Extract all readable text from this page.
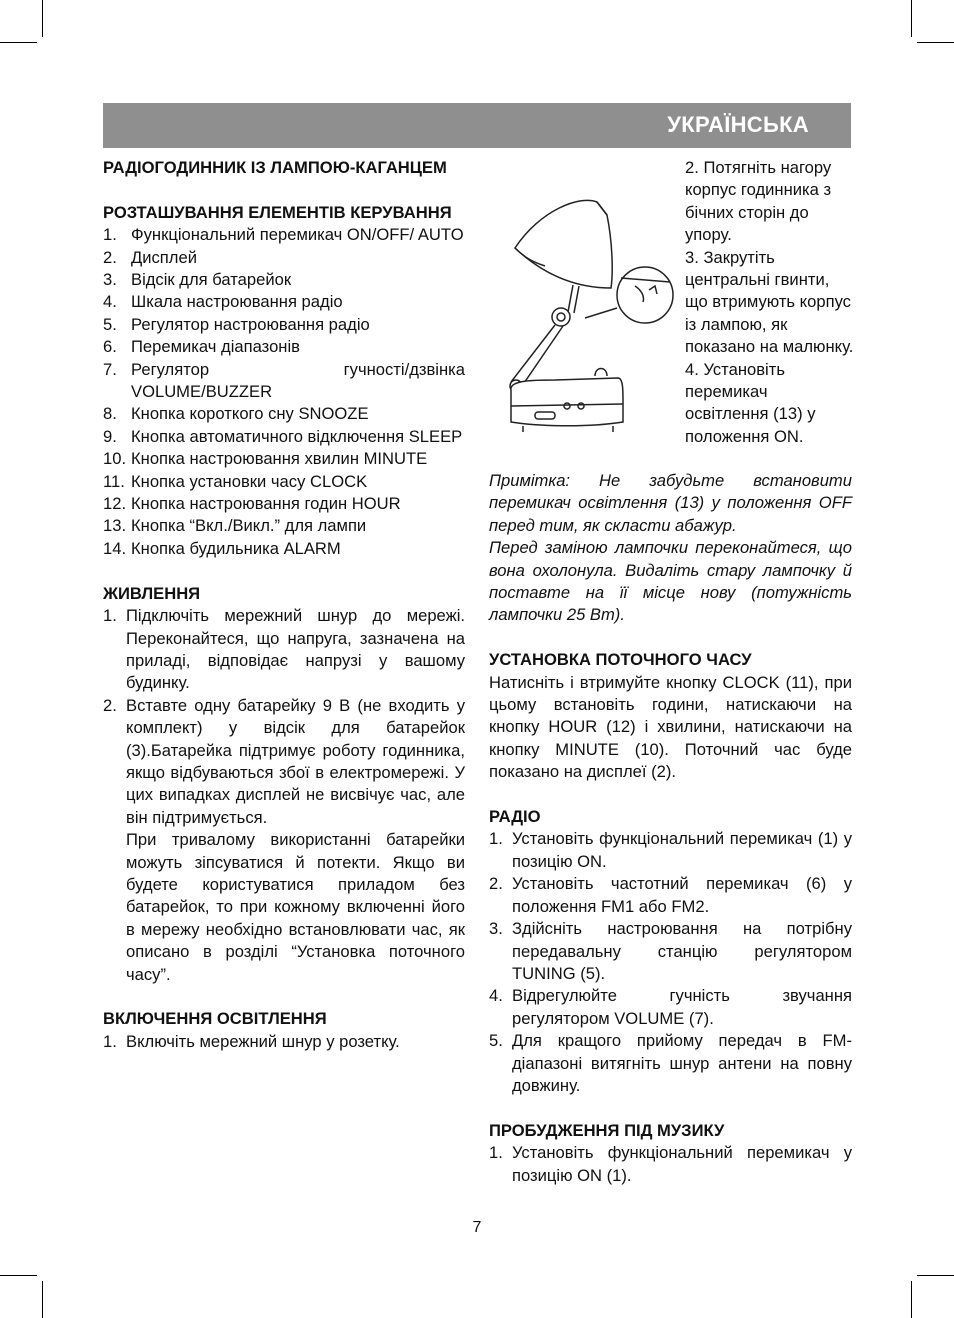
УКРАЇНСЬКА

РАДІОГОДИННИК ІЗ ЛАМПОЮ-КАГАНЦЕМ

РОЗТАШУВАННЯ ЕЛЕМЕНТІВ КЕРУВАННЯ

1. Функціональний перемикач ON/OFF/ AUTO
2. Дисплей
3. Відсік для батарейок
4. Шкала настроювання радіо
5. Регулятор настроювання радіо
6. Перемикач діапазонів
7. Регулятор гучності/дзвінка VOLUME/BUZZER
8. Кнопка короткого сну SNOOZE
9. Кнопка автоматичного відключення SLEEP
10. Кнопка настроювання хвилин MINUTE
11. Кнопка установки часу CLOCK
12. Кнопка настроювання годин HOUR
13. Кнопка “Вкл./Викл.” для лампи
14. Кнопка будильника ALARM

ЖИВЛЕННЯ

1. Підключіть мережний шнур до мережі. Переконайтеся, що напруга, зазначена на приладі, відповідає напрузі у вашому будинку.
2. Вставте одну батарейку 9 В (не входить у комплект) у відсік для батарейок (3).Батарейка підтримує роботу годинника, якщо відбуваються збої в електромережі. У цих випадках дисплей не висвічує час, але він підтримується.

При тривалому використанні батарейки можуть зіпсуватися й потекти. Якщо ви будете користуватися приладом без батарейок, то при кожному включенні його в мережу необхідно встановлювати час, як описано в розділі “Установка поточного часу”.

ВКЛЮЧЕННЯ ОСВІТЛЕННЯ

1. Включіть мережний шнур у розетку.

2. Потягніть нагору корпус годинника з бічних сторін до упору.

3. Закрутіть центральні гвинти, що втримують корпус із лампою, як показано на малюнку.

4. Установіть перемикач освітлення (13) у положення ON.

Примітка: Не забудьте встановити перемикач освітлення (13) у положення OFF перед тим, як скласти абажур.

Перед заміною лампочки переконайтеся, що вона охолонула. Видаліть стару лампочку й поставте на її місце нову (потужність лампочки 25 Вт).

УСТАНОВКА ПОТОЧНОГО ЧАСУ

Натисніть і втримуйте кнопку CLOCK (11), при цьому встановіть години, натискаючи на кнопку HOUR (12) і хвилини, натискаючи на кнопку MINUTE (10). Поточний час буде показано на дисплеї (2).

РАДІО

1. Установіть функціональний перемикач (1) у позицію ON.
2. Установіть частотний перемикач (6) у положення FM1 або FM2.
3. Здійсніть настроювання на потрібну передавальну станцію регулятором TUNING (5).
4. Відрегулюйте гучність звучання регулятором VOLUME (7).
5. Для кращого прийому передач в FM-діапазоні витягніть шнур антени на повну довжину.

ПРОБУДЖЕННЯ ПІД МУЗИКУ

1. Установіть функціональний перемикач у позицію ON (1).
7
